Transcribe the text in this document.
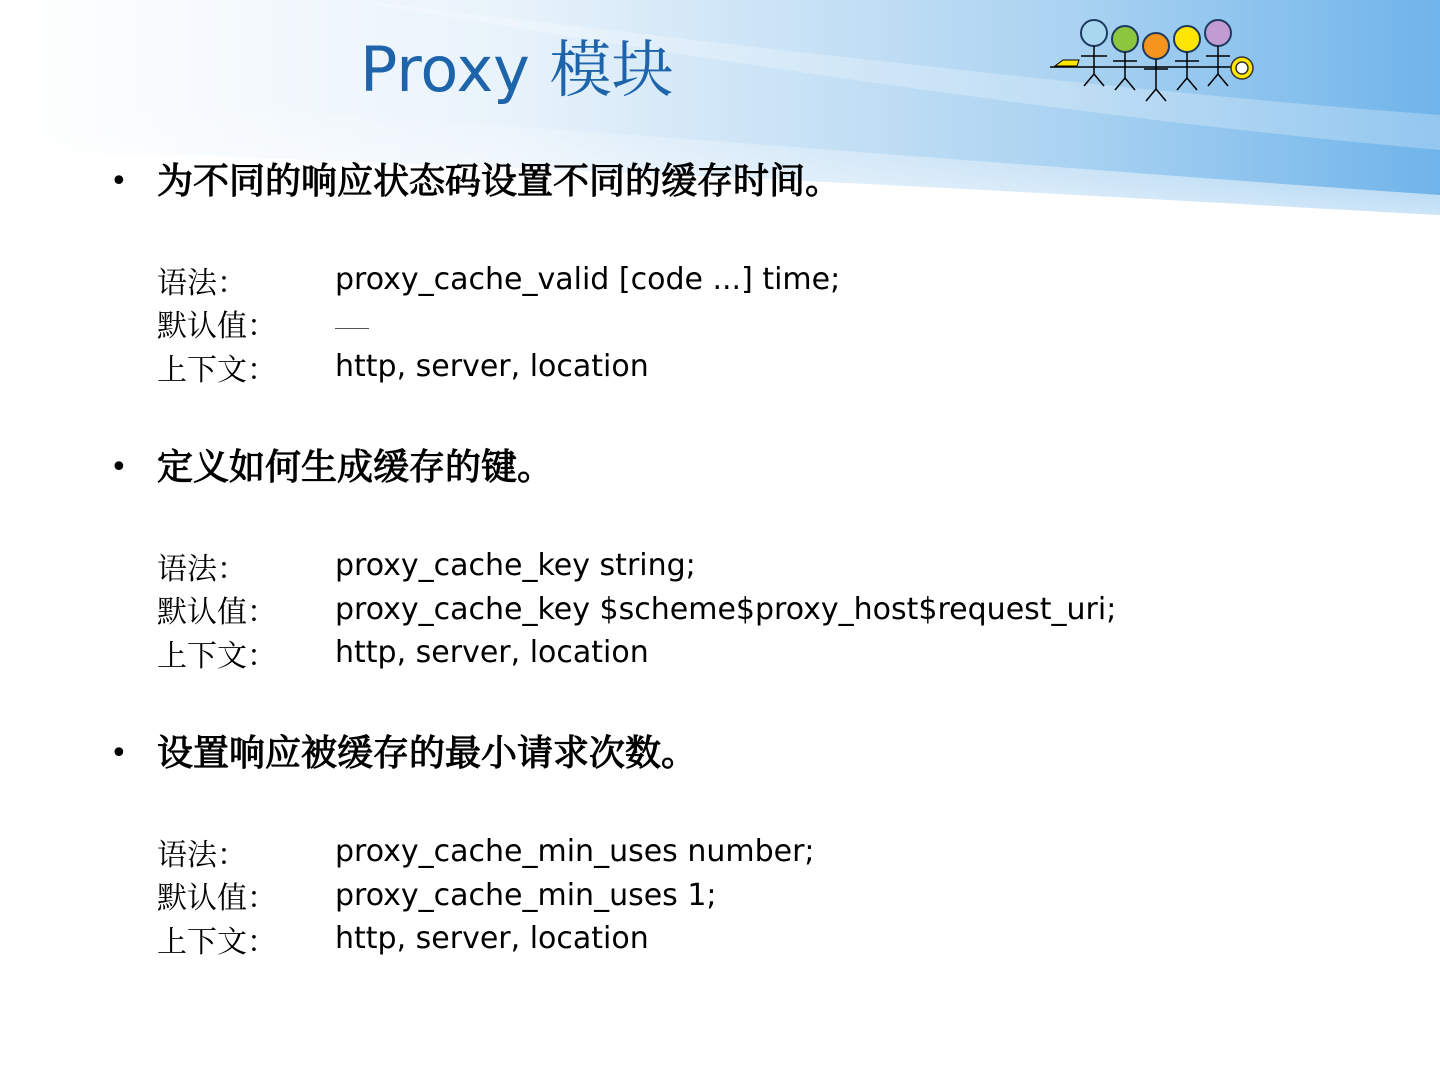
Proxy 模块
• 为不同的响应状态码设置不同的缓存时间。
语法：	proxy_cache_valid [code ...] time;
默认值：
上下文：	http, server, location
• 定义如何生成缓存的键。
语法：	proxy_cache_key string;
默认值：	proxy_cache_key $scheme$proxy_host$request_uri;
上下文：	http, server, location
• 设置响应被缓存的最小请求次数。
语法：	proxy_cache_min_uses number;
默认值：	proxy_cache_min_uses 1;
上下文：	http, server, location
